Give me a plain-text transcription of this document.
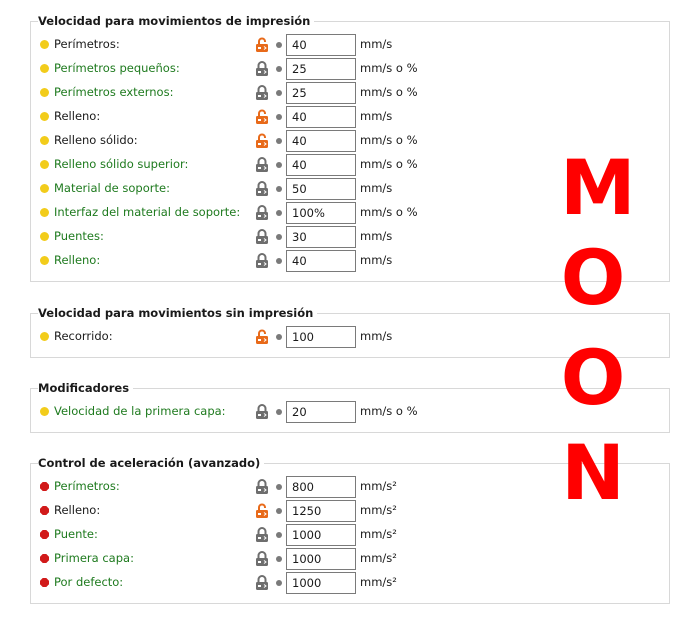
Velocidad para movimientos de impresión
Perímetros:
40	mm/s
Perímetros pequeños:
25	mm/s o %
Perímetros externos:
25	mm/s o %
Relleno:
40	mm/s
Relleno sólido:
40	mm/s o %
Relleno sólido superior:
40	mm/s o %
Material de soporte:
50	mm/s
Interfaz del material de soporte:
100%	mm/s o %
Puentes:
30	mm/s
Relleno:
40	mm/s
Velocidad para movimientos sin impresión
Recorrido:
100	mm/s
Modificadores
Velocidad de la primera capa:
20	mm/s o %
Control de aceleración (avanzado)
Perímetros:
800	mm/s²
Relleno:
1250	mm/s²
Puente:
1000	mm/s²
Primera capa:
1000	mm/s²
Por defecto:
1000	mm/s²
M
O
O
N
